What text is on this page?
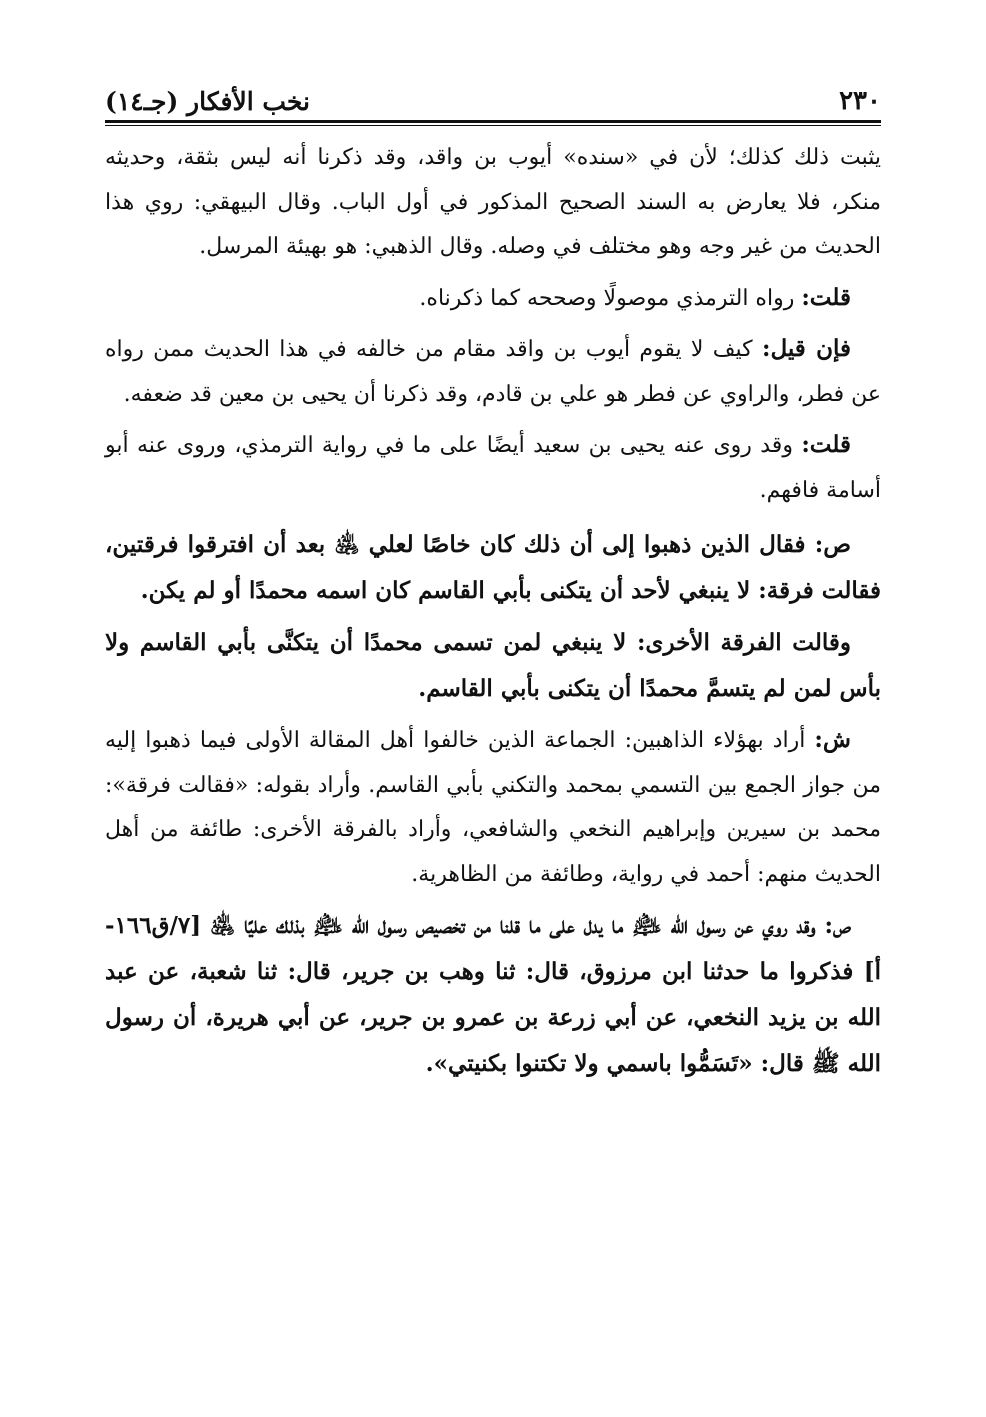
٢٣٠
نخب الأفكار (جـ١٤)

يثبت ذلك كذلك؛ لأن في «سنده» أيوب بن واقد، وقد ذكرنا أنه ليس بثقة، وحديثه منكر، فلا يعارض به السند الصحيح المذكور في أول الباب. وقال البيهقي: روي هذا الحديث من غير وجه وهو مختلف في وصله. وقال الذهبي: هو بهيئة المرسل.

قلت: رواه الترمذي موصولًا وصححه كما ذكرناه.

فإن قيل: كيف لا يقوم أيوب بن واقد مقام من خالفه في هذا الحديث ممن رواه عن فطر، والراوي عن فطر هو علي بن قادم، وقد ذكرنا أن يحيى بن معين قد ضعفه.

قلت: وقد روى عنه يحيى بن سعيد أيضًا على ما في رواية الترمذي، وروى عنه أبو أسامة فافهم.

ص: فقال الذين ذهبوا إلى أن ذلك كان خاصًا لعلي ﵁ بعد أن افترقوا فرقتين، فقالت فرقة: لا ينبغي لأحد أن يتكنى بأبي القاسم كان اسمه محمدًا أو لم يكن.

وقالت الفرقة الأخرى: لا ينبغي لمن تسمى محمدًا أن يتكنَّى بأبي القاسم ولا بأس لمن لم يتسمَّ محمدًا أن يتكنى بأبي القاسم.

ش: أراد بهؤلاء الذاهبين: الجماعة الذين خالفوا أهل المقالة الأولى فيما ذهبوا إليه من جواز الجمع بين التسمي بمحمد والتكني بأبي القاسم. وأراد بقوله: «فقالت فرقة»: محمد بن سيرين وإبراهيم النخعي والشافعي، وأراد بالفرقة الأخرى: طائفة من أهل الحديث منهم: أحمد في رواية، وطائفة من الظاهرية.

ص: وقد روي عن رسول الله ﵇ ما يدل على ما قلنا من تخصيص رسول الله ﵇ بذلك عليًا ﵁ [٧/ق١٦٦-أ] فذكروا ما حدثنا ابن مرزوق، قال: ثنا وهب بن جرير، قال: ثنا شعبة، عن عبد الله بن يزيد النخعي، عن أبي زرعة بن عمرو بن جرير، عن أبي هريرة، أن رسول الله ﷺ قال: «تَسَمُّوا باسمي ولا تكتنوا بكنيتي».
